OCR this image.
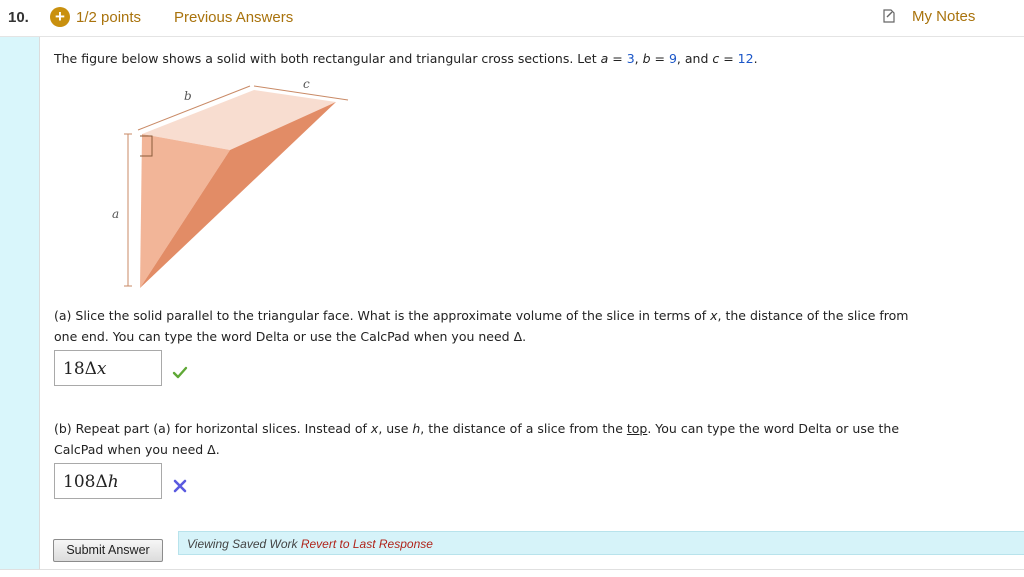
10. + 1/2 points Previous Answers	My Notes
The figure below shows a solid with both rectangular and triangular cross sections. Let a = 3, b = 9, and c = 12.
b
c
a
(a) Slice the solid parallel to the triangular face. What is the approximate volume of the slice in terms of x, the distance of the slice from
one end. You can type the word Delta or use the CalcPad when you need Δ.
18Δx
(b) Repeat part (a) for horizontal slices. Instead of x, use h, the distance of a slice from the top. You can type the word Delta or use the
CalcPad when you need Δ.
108Δh
Submit Answer	Viewing Saved Work Revert to Last Response
